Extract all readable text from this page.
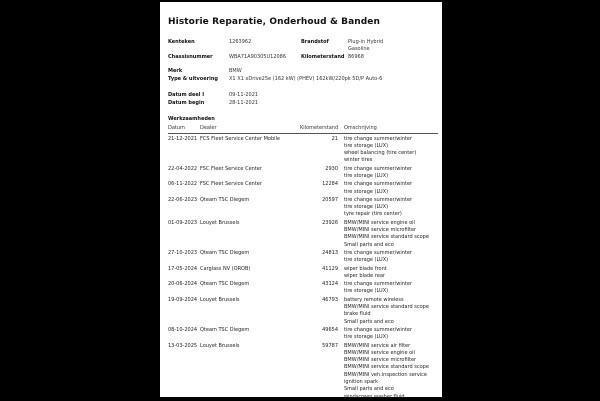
Historie Reparatie, Onderhoud & Banden
Kenteken	1263962	Brandstof	Plug-in Hybrid
Gasoline
Chassisnummer	WBA71A90305U12086	Kilometerstand 86968
Merk	BMW
Type & uitvoering	X1 X1 xDrive25e (162 kW) (PHEV) 162kW/220pk 5D/P Auto-6
Datum deel I	09-11-2021
Datum begin	28-11-2021
Werkzaamheden
Datum	Dealer	Kilometerstand	Omschrijving
21-12-2021 FCS Fleet Service Center Mobile	21 tire change summer/winter
tire storage (LUX)
wheel balancing (tire center)
winter tires
22-04-2022 FSC Fleet Service Center	2930 tire change summer/winter
tire storage (LUX)
06-11-2022 FSC Fleet Service Center	12284 tire change summer/winter
tire storage (LUX)
22-06-2023 Qteam TSC Diegem	20597 tire change summer/winter
tire storage (LUX)
tyre repair (tire center)
01-09-2023 Louyet Brussels	23926 BMW/MINI service engine oil
BMW/MINI service microfilter
BMW/MINI service standard scope
Small parts and eco
27-10-2023 Qteam TSC Diegem	24813 tire change summer/winter
tire storage (LUX)
17-05-2024 Carglass NV (OROB)	41129 wiper blade front
wiper blade rear
20-06-2024 Qteam TSC Diegem	43124 tire change summer/winter
tire storage (LUX)
19-09-2024 Louyet Brussels	46793 battery remote wireless
BMW/MINI service standard scope
brake fluid
Small parts and eco
08-10-2024 Qteam TSC Diegem	49654 tire change summer/winter
tire storage (LUX)
13-03-2025 Louyet Brussels	59787 BMW/MINI service air filter
BMW/MINI service engine oil
BMW/MINI service microfilter
BMW/MINI service standard scope
BMW/MINI veh.inspection service
ignition spark
Small parts and eco
windscreen washer fluid
